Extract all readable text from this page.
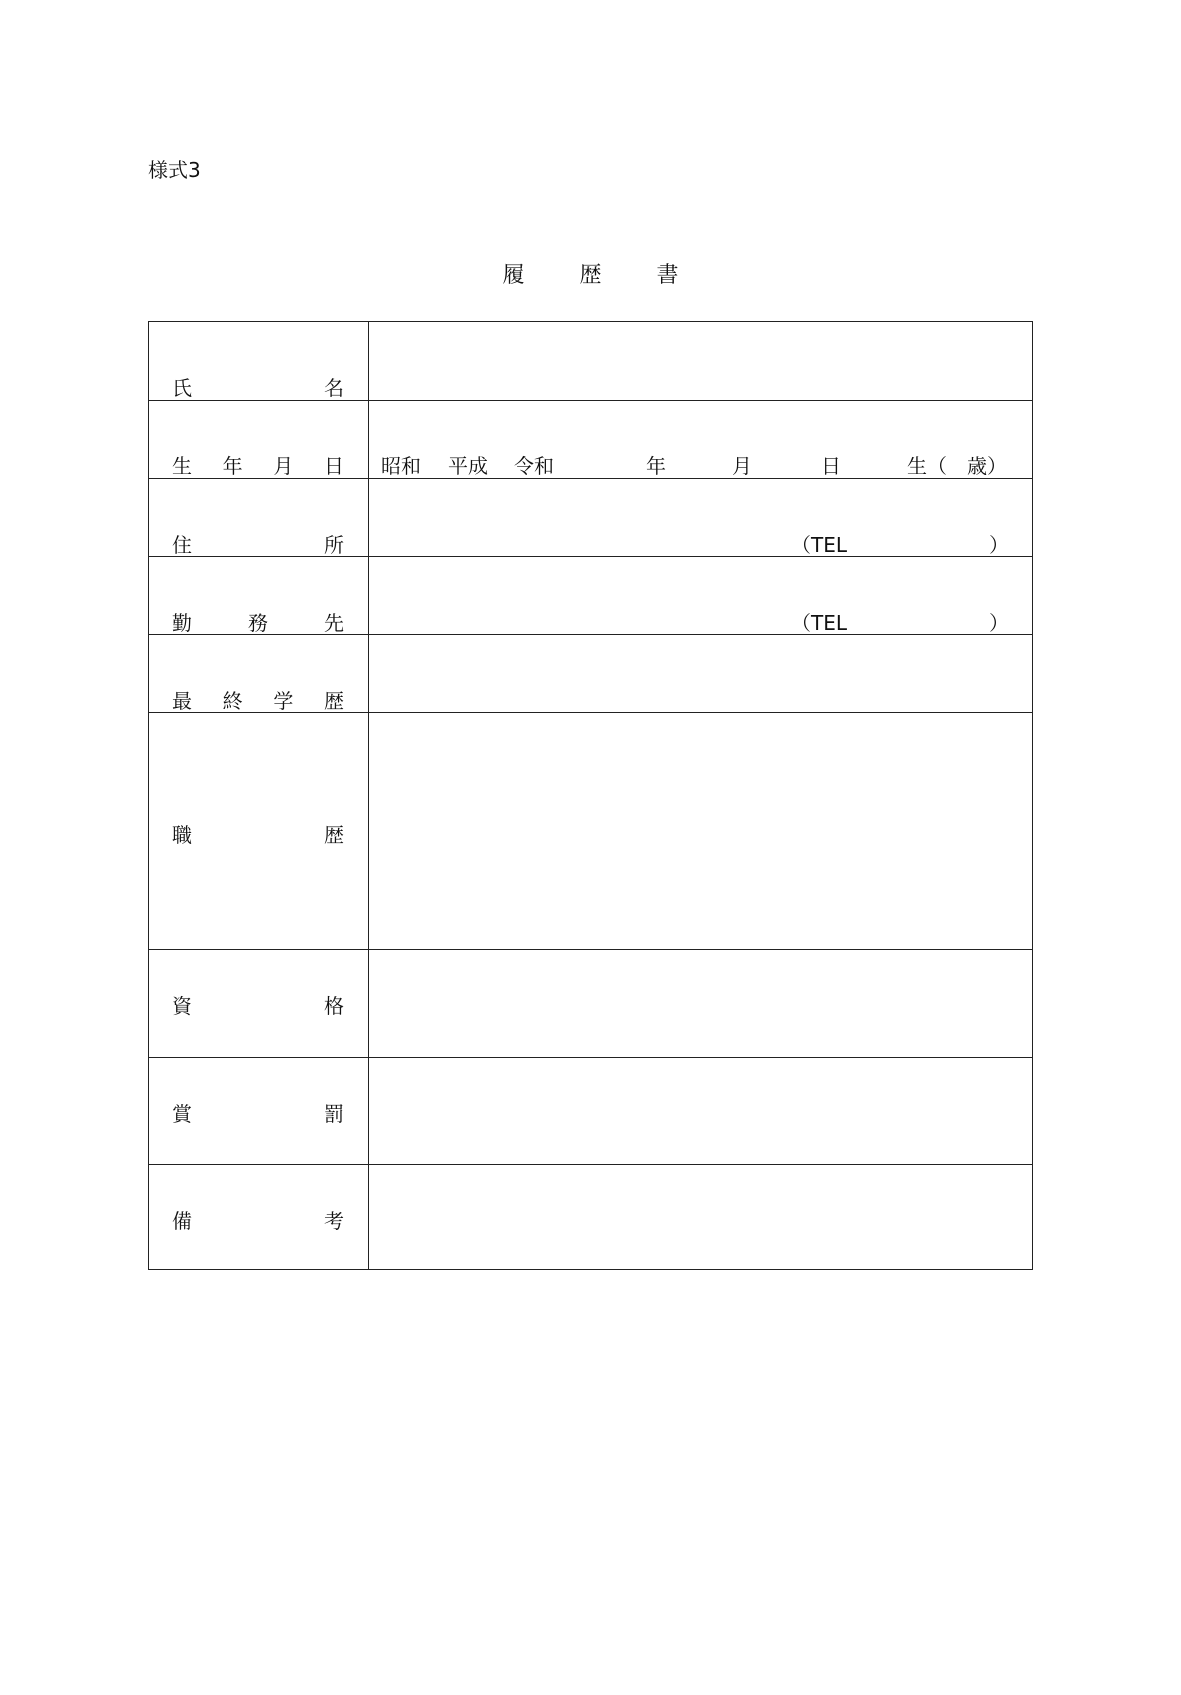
様式3
履	歴	書
氏	名
生 年 月 日 昭和 平成 令和	年	月	日	生（　歳）
住	所	（TEL	）
勤	務	先	（TEL	）
最 終 学 歴
職	歴
資	格
賞	罰
備	考
